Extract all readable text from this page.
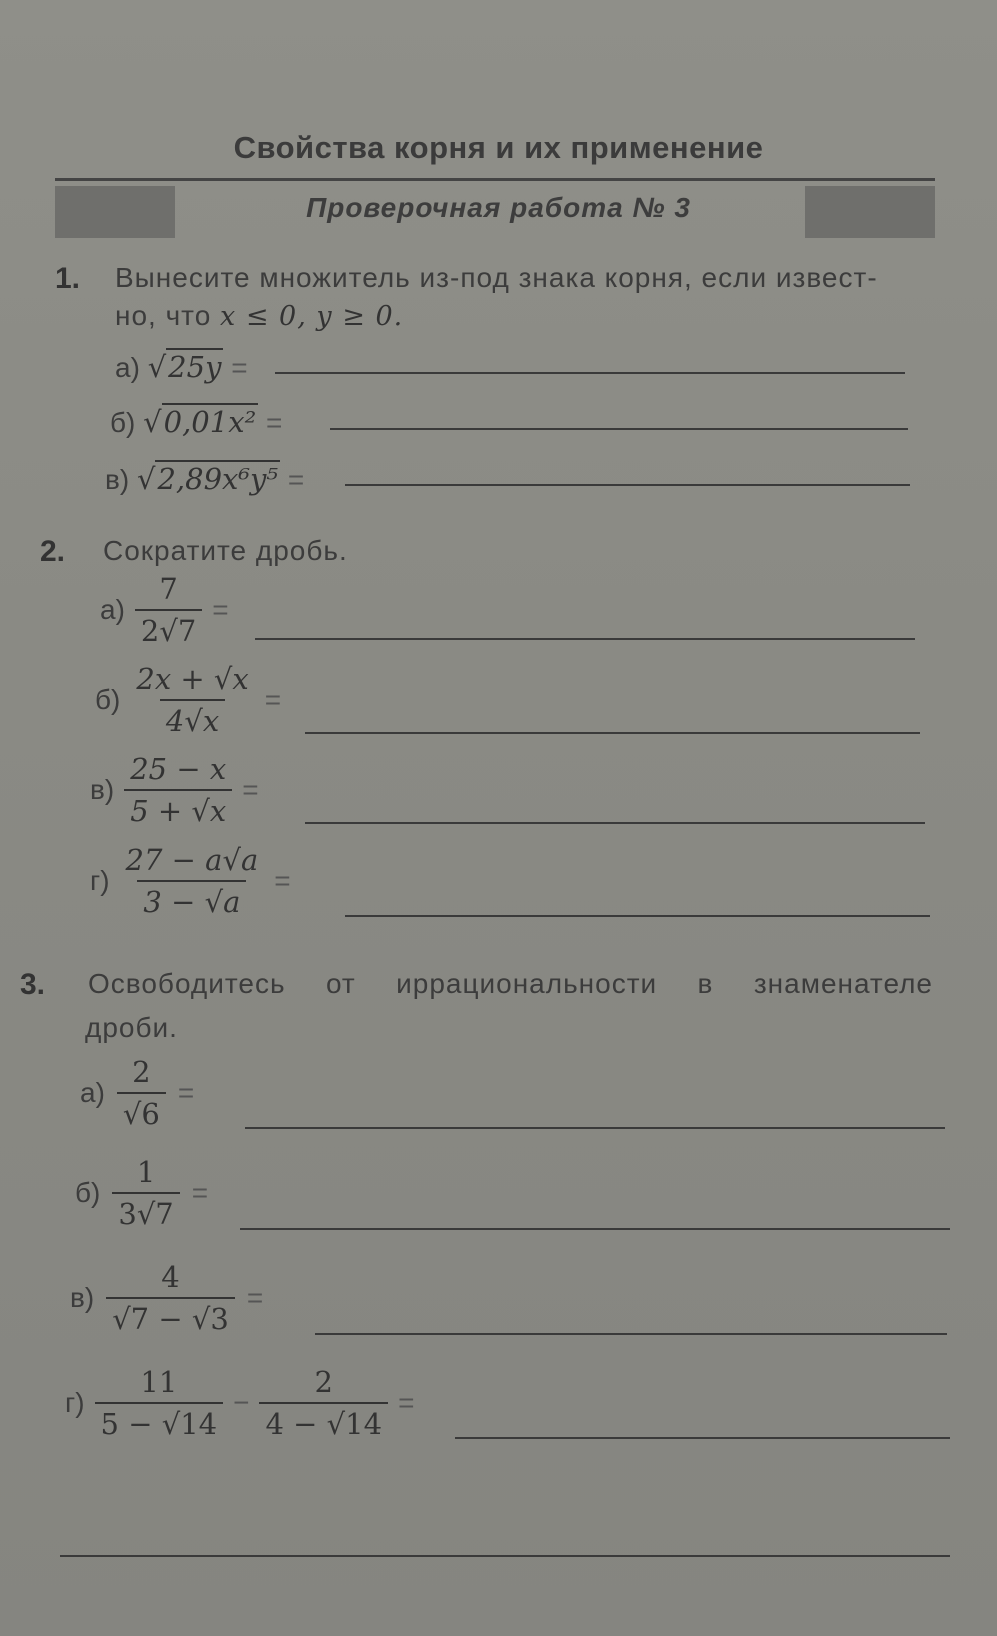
Свойства корня и их применение
Проверочная работа № 3
1. Вынесите множитель из-под знака корня, если извест-
но, что x ≤ 0, y ≥ 0.
а) √25y =
б) √0,01x² =
в) √2,89x⁶y⁵ =
2. Сократите дробь.
$а) \frac{7}{2√7}$ =
$б) \frac{2x + √x}{4√x}$ =
$в) \frac{25 - x}{5 + √x}$ =
$г) \frac{27 - a√a}{3 - √a}$ =
3. Освободитесь от иррациональности в знаменателе
дроби.
$а) \frac{2}{√6}$ =
$б) \frac{1}{3√7}$ =
$в) \frac{4}{√7 - √3}$ =
$г) \frac{11}{5 - √14} - \frac{2}{4 - √14}$ =
